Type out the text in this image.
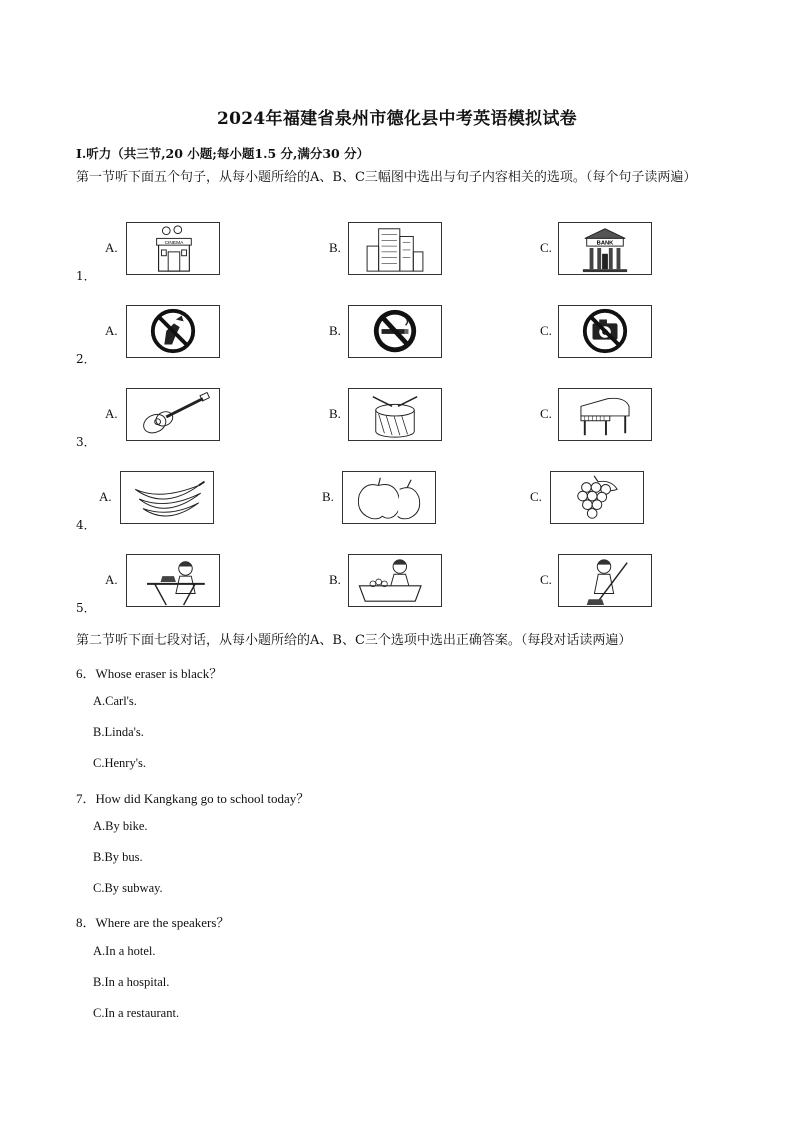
2024年福建省泉州市德化县中考英语模拟试卷
I.听力（共三节,20 小题;每小题1.5 分,满分30 分）
第一节听下面五个句子，从每小题所给的A、B、C三幅图中选出与句子内容相关的选项。（每个句子读两遍）
1．
A.	CINEMA	B.	C.	BANK
2．
A.	B.	C.
3．
A.	B.	C.
4．
A.	B.	C.
5．
A.	B.	C.
第二节听下面七段对话，从每小题所给的A、B、C三个选项中选出正确答案。（每段对话读两遍）
6．Whose eraser is black？
A.Carl's.
B.Linda's.
C.Henry's.
7．How did Kangkang go to school today？
A.By bike.
B.By bus.
C.By subway.
8．Where are the speakers？
A.In a hotel.
B.In a hospital.
C.In a restaurant.
